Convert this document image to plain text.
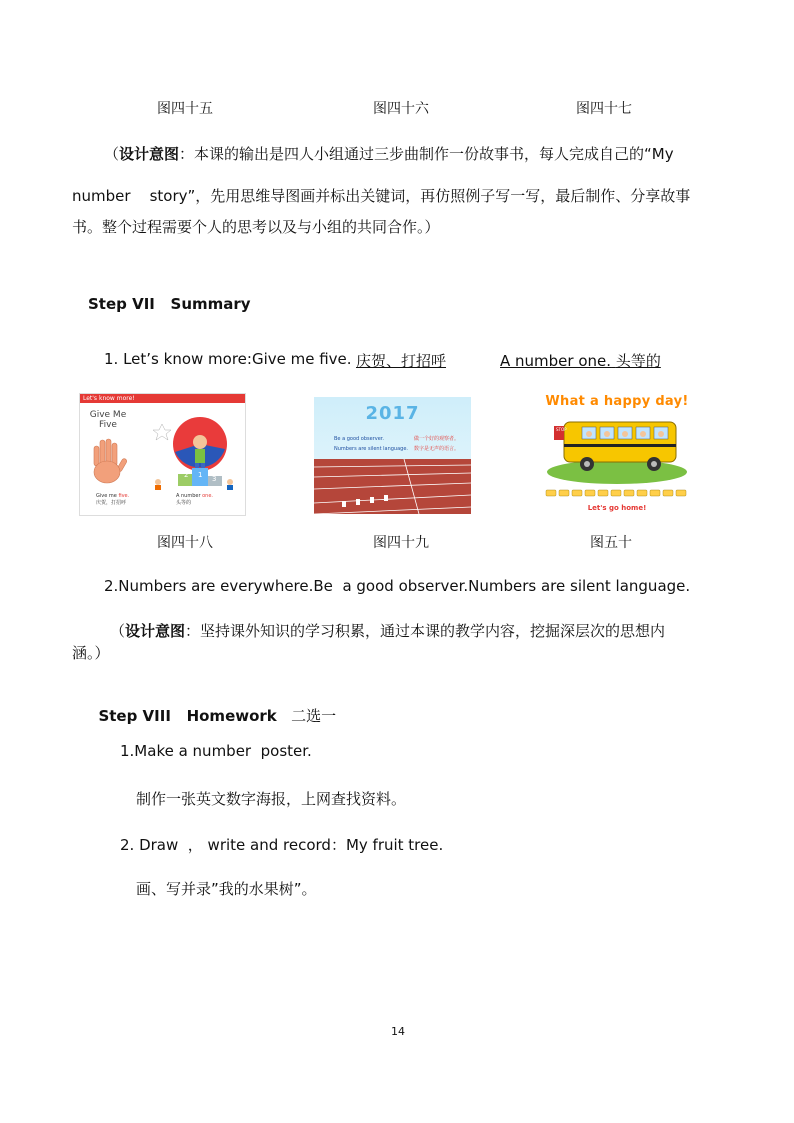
图四十五	图四十六	图四十七
（设计意图：本课的输出是四人小组通过三步曲制作一份故事书，每人完成自己的“My
number    story”，先用思维导图画并标出关键词，再仿照例子写一写，最后制作、分享故事
书。整个过程需要个人的思考以及与小组的共同合作。）
Step VII   Summary
1. Let’s know more:Give me five. 庆贺、打招呼	A number one. 头等的
Let's know more!
Give Me
Five
2 1 3
Give me five.
庆贺，打招呼
A number one.
头等的
2017
Be a good observer.
Numbers are silent language.
做一个好的观察者。
数字是无声的语言。
What a happy day!
STOP
Let's go home!
图四十八	图四十九	图五十
2.Numbers are everywhere.Be  a good observer.Numbers are silent language.
（设计意图：坚持课外知识的学习积累，通过本课的教学内容，挖掘深层次的思想内
涵。）

Step VIII   Homework 二选一

1.Make a number  poster.
制作一张英文数字海报，上网查找资料。
2. Draw  ， write and record：My fruit tree.
画、写并录”我的水果树”。
14
